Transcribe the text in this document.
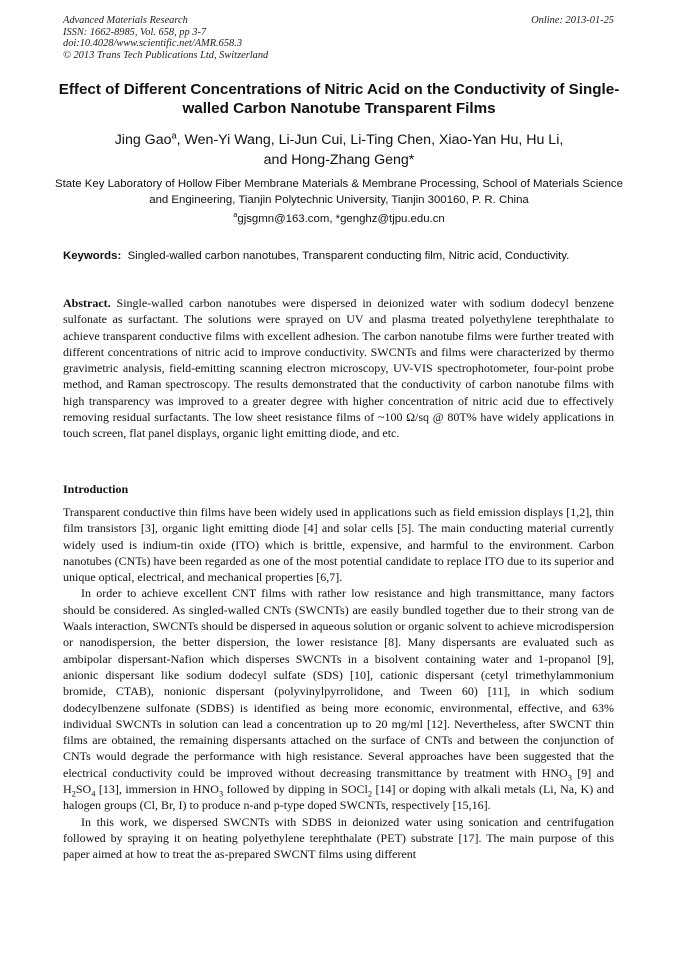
Advanced Materials Research
ISSN: 1662-8985, Vol. 658, pp 3-7
doi:10.4028/www.scientific.net/AMR.658.3
© 2013 Trans Tech Publications Ltd, Switzerland
Online: 2013-01-25
Effect of Different Concentrations of Nitric Acid on the Conductivity of Single-walled Carbon Nanotube Transparent Films
Jing Gao$^a$, Wen-Yi Wang, Li-Jun Cui, Li-Ting Chen, Xiao-Yan Hu, Hu Li,
and Hong-Zhang Geng*
State Key Laboratory of Hollow Fiber Membrane Materials & Membrane Processing, School of Materials Science and Engineering, Tianjin Polytechnic University, Tianjin 300160, P. R. China
$^a$gjsgmn@163.com, *genghz@tjpu.edu.cn
Keywords: Singled-walled carbon nanotubes, Transparent conducting film, Nitric acid, Conductivity.
Abstract. Single-walled carbon nanotubes were dispersed in deionized water with sodium dodecyl benzene sulfonate as surfactant. The solutions were sprayed on UV and plasma treated polyethylene terephthalate to achieve transparent conductive films with excellent adhesion. The carbon nanotube films were further treated with different concentrations of nitric acid to improve conductivity. SWCNTs and films were characterized by thermo gravimetric analysis, field-emitting scanning electron microscopy, UV-VIS spectrophotometer, four-point probe method, and Raman spectroscopy. The results demonstrated that the conductivity of carbon nanotube films with high transparency was improved to a greater degree with higher concentration of nitric acid due to effectively removing residual surfactants. The low sheet resistance films of ~100 Ω/sq @ 80T% have widely applications in touch screen, flat panel displays, organic light emitting diode, and etc.
Introduction

Transparent conductive thin films have been widely used in applications such as field emission displays [1,2], thin film transistors [3], organic light emitting diode [4] and solar cells [5]. The main conducting material currently widely used is indium-tin oxide (ITO) which is brittle, expensive, and harmful to the environment. Carbon nanotubes (CNTs) have been regarded as one of the most potential candidate to replace ITO due to its superior and unique optical, electrical, and mechanical properties [6,7].

In order to achieve excellent CNT films with rather low resistance and high transmittance, many factors should be considered. As singled-walled CNTs (SWCNTs) are easily bundled together due to their strong van de Waals interaction, SWCNTs should be dispersed in aqueous solution or organic solvent to achieve microdispersion or nanodispersion, the better dispersion, the lower resistance [8]. Many dispersants are evaluated such as ambipolar dispersant-Nafion which disperses SWCNTs in a bisolvent containing water and 1-propanol [9], anionic dispersant like sodium dodecyl sulfate (SDS) [10], cationic dispersant (cetyl trimethylammonium bromide, CTAB), nonionic dispersant (polyvinylpyrrolidone, and Tween 60) [11], in which sodium dodecylbenzene sulfonate (SDBS) is identified as being more economic, environmental, effective, and 63% individual SWCNTs in solution can lead a concentration up to 20 mg/ml [12]. Nevertheless, after SWCNT thin films are obtained, the remaining dispersants attached on the surface of CNTs and between the conjunction of CNTs would degrade the performance with high resistance. Several approaches have been suggested that the electrical conductivity could be improved without decreasing transmittance by treatment with $HNO_3$ [9] and $H_2SO_4$ [13], immersion in $HNO_3$ followed by dipping in SOCl$_2$ [14] or doping with alkali metals (Li, Na, K) and halogen groups (Cl, Br, I) to produce n-and p-type doped SWCNTs, respectively [15,16].

In this work, we dispersed SWCNTs with SDBS in deionized water using sonication and centrifugation followed by spraying it on heating polyethylene terephthalate (PET) substrate [17]. The main purpose of this paper aimed at how to treat the as-prepared SWCNT films using different
